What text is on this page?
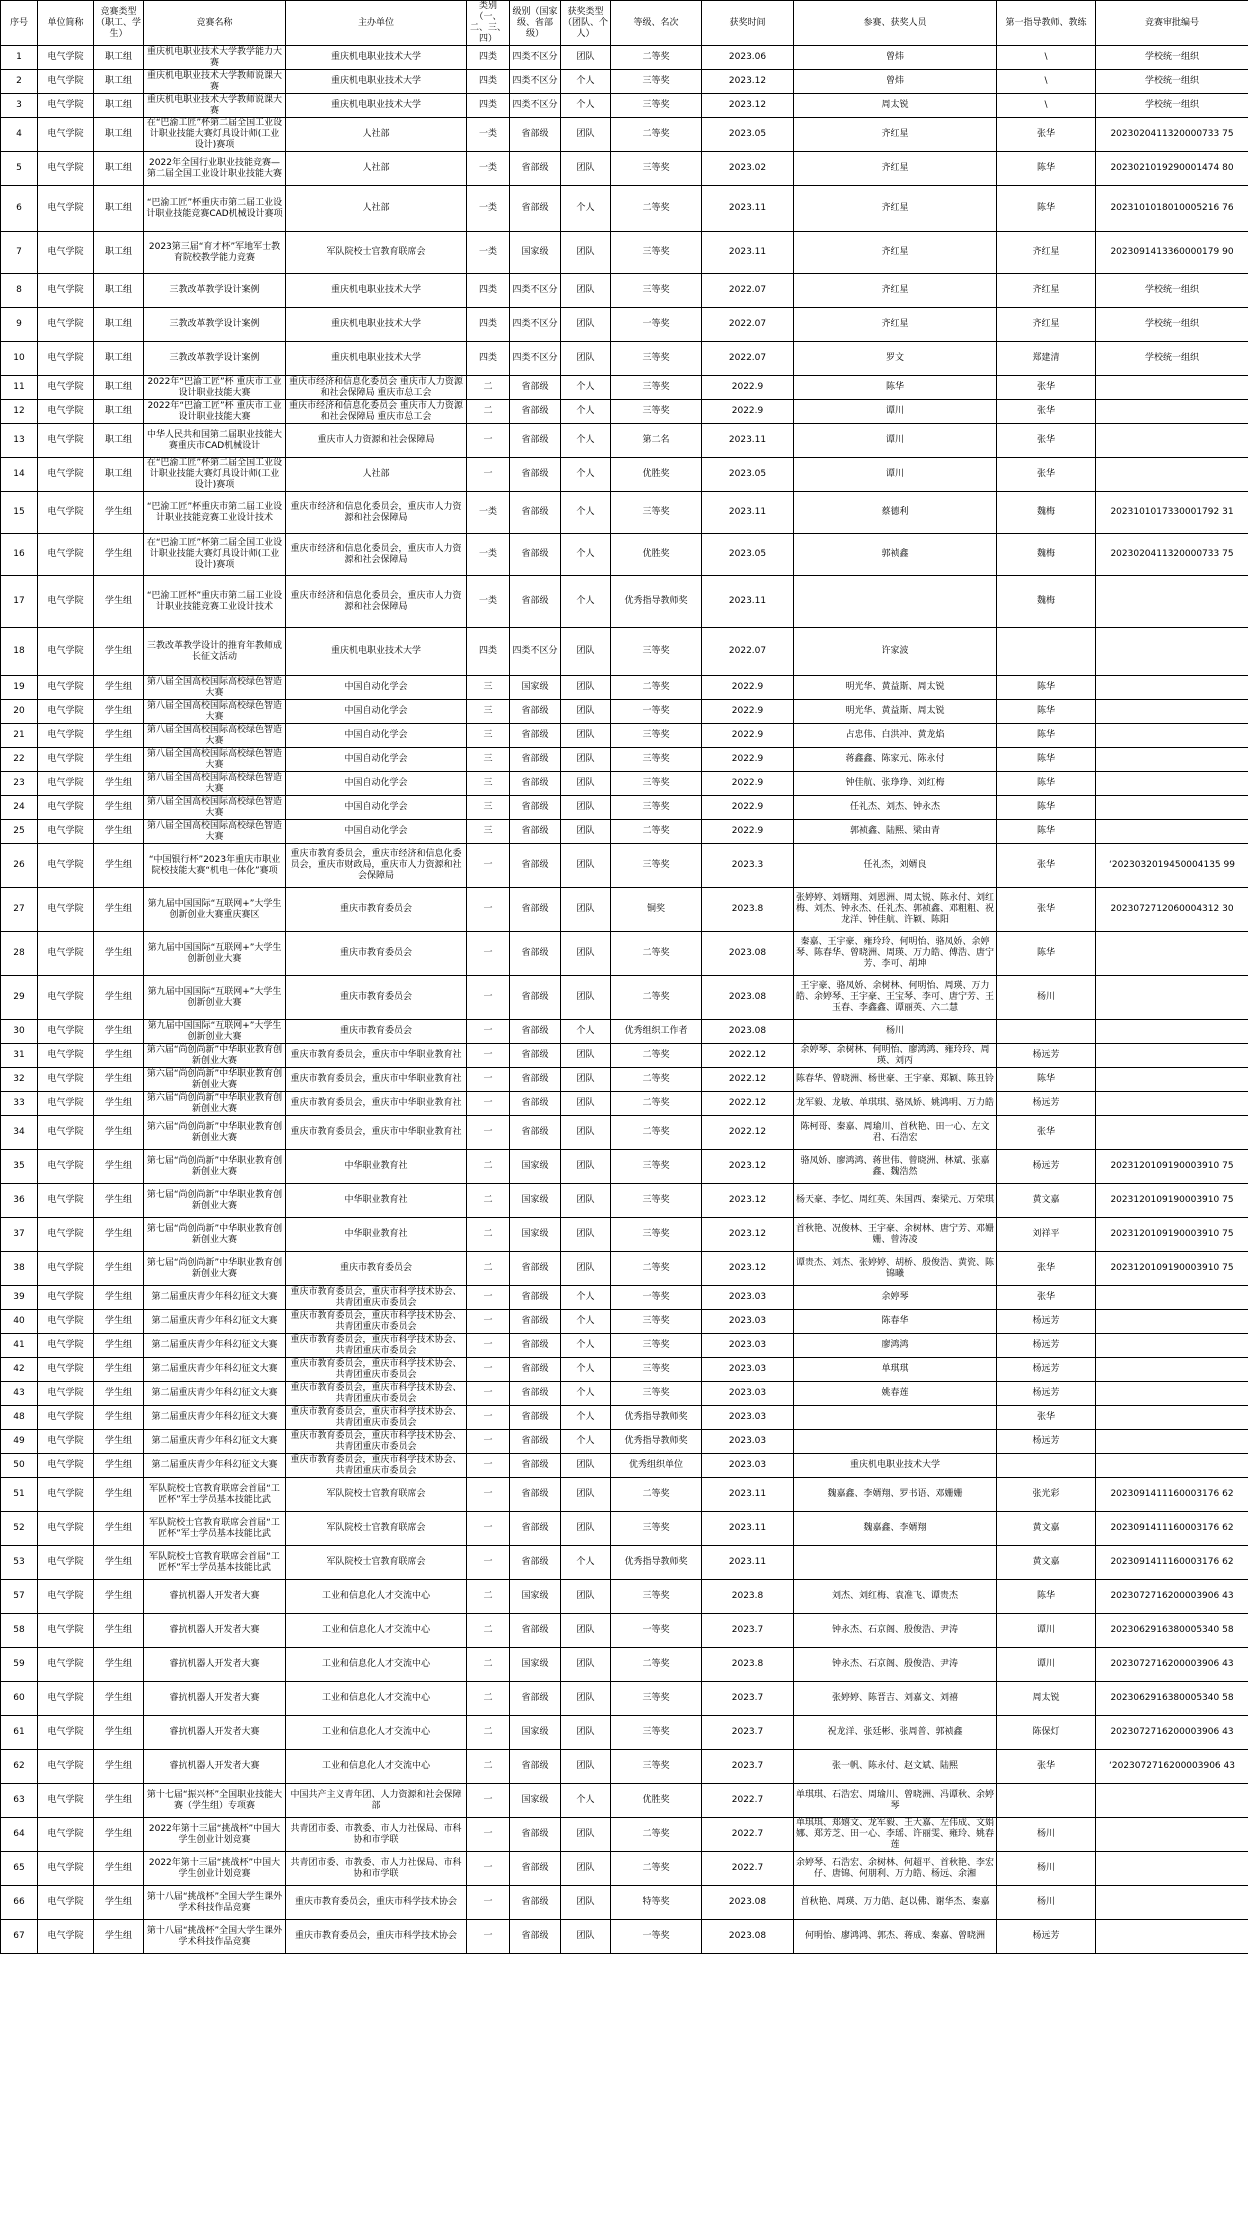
序号	单位简称	竞赛类型（职工、学生）	竞赛名称	主办单位	类别（一、二、三、四）	级别（国家级、省部级）	获奖类型（团队、个人）	等级、名次	获奖时间	参赛、获奖人员	第一指导教师、教练	竞赛审批编号
1	电气学院	职工组	重庆机电职业技术大学教学能力大赛	重庆机电职业技术大学	四类	四类不区分	团队	二等奖	2023.06	曾炜	\	学校统一组织
2	电气学院	职工组	重庆机电职业技术大学教师说课大赛	重庆机电职业技术大学	四类	四类不区分	个人	三等奖	2023.12	曾炜	\	学校统一组织
3	电气学院	职工组	重庆机电职业技术大学教师说课大赛	重庆机电职业技术大学	四类	四类不区分	个人	三等奖	2023.12	周太锐	\	学校统一组织
4	电气学院	职工组	在“巴渝工匠”杯第二届全国工业设计职业技能大赛灯具设计师(工业设计)赛项	人社部	一类	省部级	团队	二等奖	2023.05	齐红星	张华	2023020411320000733 75
5	电气学院	职工组	2022年全国行业职业技能竞赛—第二届全国工业设计职业技能大赛	人社部	一类	省部级	团队	三等奖	2023.02	齐红星	陈华	2023021019290001474 80
6	电气学院	职工组	“巴渝工匠”杯重庆市第二届工业设计职业技能竞赛CAD机械设计赛项	人社部	一类	省部级	个人	二等奖	2023.11	齐红星	陈华	2023101018010005216 76
7	电气学院	职工组	2023第三届“育才杯”军地军士教育院校教学能力竞赛	军队院校士官教育联席会	一类	国家级	团队	三等奖	2023.11	齐红星	齐红星	2023091413360000179 90
8	电气学院	职工组	三教改革教学设计案例	重庆机电职业技术大学	四类	四类不区分	团队	三等奖	2022.07	齐红星	齐红星	学校统一组织
9	电气学院	职工组	三教改革教学设计案例	重庆机电职业技术大学	四类	四类不区分	团队	一等奖	2022.07	齐红星	齐红星	学校统一组织
10	电气学院	职工组	三教改革教学设计案例	重庆机电职业技术大学	四类	四类不区分	团队	三等奖	2022.07	罗文	郑建清	学校统一组织
11	电气学院	职工组	2022年“巴渝工匠”杯 重庆市工业设计职业技能大赛	重庆市经济和信息化委员会 重庆市人力资源和社会保障局 重庆市总工会	二	省部级	个人	三等奖	2022.9	陈华	张华	
12	电气学院	职工组	2022年“巴渝工匠”杯 重庆市工业设计职业技能大赛	重庆市经济和信息化委员会 重庆市人力资源和社会保障局 重庆市总工会	二	省部级	个人	三等奖	2022.9	谭川	张华	
13	电气学院	职工组	中华人民共和国第二届职业技能大赛重庆市CAD机械设计	重庆市人力资源和社会保障局	一	省部级	个人	第二名	2023.11	谭川	张华	
14	电气学院	职工组	在“巴渝工匠”杯第二届全国工业设计职业技能大赛灯具设计师(工业设计)赛项	人社部	一	省部级	个人	优胜奖	2023.05	谭川	张华	
15	电气学院	学生组	“巴渝工匠”杯重庆市第二届工业设计职业技能竞赛工业设计技术	重庆市经济和信息化委员会，重庆市人力资源和社会保障局	一类	省部级	个人	三等奖	2023.11	蔡德利	魏梅	2023101017330001792 31
16	电气学院	学生组	在“巴渝工匠”杯第二届全国工业设计职业技能大赛灯具设计师(工业设计)赛项	重庆市经济和信息化委员会，重庆市人力资源和社会保障局	一类	省部级	个人	优胜奖	2023.05	郭祯鑫	魏梅	2023020411320000733 75
17	电气学院	学生组	“巴渝工匠杯”重庆市第二届工业设计职业技能竞赛工业设计技术	重庆市经济和信息化委员会，重庆市人力资源和社会保障局	一类	省部级	个人	优秀指导教师奖	2023.11		魏梅	
18	电气学院	学生组	三教改革教学设计的推育年教师成长征文活动	重庆机电职业技术大学	四类	四类不区分	团队	三等奖	2022.07	许家波		
19	电气学院	学生组	第八届全国高校国际高校绿色智造大赛	中国自动化学会	三	国家级	团队	二等奖	2022.9	明光华、黄益斯、周太锐	陈华	
20	电气学院	学生组	第八届全国高校国际高校绿色智造大赛	中国自动化学会	三	省部级	团队	一等奖	2022.9	明光华、黄益斯、周太锐	陈华	
21	电气学院	学生组	第八届全国高校国际高校绿色智造大赛	中国自动化学会	三	省部级	团队	三等奖	2022.9	占忠伟、白洪冲、黄龙焰	陈华	
22	电气学院	学生组	第八届全国高校国际高校绿色智造大赛	中国自动化学会	三	省部级	团队	三等奖	2022.9	蒋鑫鑫、陈家元、陈永付	陈华	
23	电气学院	学生组	第八届全国高校国际高校绿色智造大赛	中国自动化学会	三	省部级	团队	三等奖	2022.9	钟佳航、张琤琤、刘红梅	陈华	
24	电气学院	学生组	第八届全国高校国际高校绿色智造大赛	中国自动化学会	三	省部级	团队	三等奖	2022.9	任礼杰、刘杰、钟永杰	陈华	
25	电气学院	学生组	第八届全国高校国际高校绿色智造大赛	中国自动化学会	三	省部级	团队	二等奖	2022.9	郭祯鑫、陆熙、梁由青	陈华	
26	电气学院	学生组	“中国银行杯”2023年重庆市职业院校技能大赛“机电一体化”赛项	重庆市教育委员会，重庆市经济和信息化委员会，重庆市财政局，重庆市人力资源和社会保障局	一	省部级	团队	三等奖	2023.3	任礼杰，刘婿良	张华	‘2023032019450004135 99
27	电气学院	学生组	第九届中国国际“互联网+”大学生创新创业大赛重庆赛区	重庆市教育委员会	一	省部级	团队	铜奖	2023.8	张婷婷、刘婿翔、刘恩洲、周太锐、陈永付、刘红梅、刘杰、钟永杰、任礼杰、郭祯鑫、邓粗粗、祝龙洋、钟佳航、许颖、陈阳	张华	2023072712060004312 30
28	电气学院	学生组	第九届中国国际“互联网+”大学生创新创业大赛	重庆市教育委员会	一	省部级	团队	二等奖	2023.08	秦嘉、王宇豪、雍玲玲、何明怡、骆凤娇、余婷琴、陈春华、曾晓洲、周瑛、万力皓、傅浩、唐宁芳、李可、胡坤	陈华	
29	电气学院	学生组	第九届中国国际“互联网+”大学生创新创业大赛	重庆市教育委员会	一	省部级	团队	二等奖	2023.08	王宇豪、骆凤娇、余树林、何明怡、周瑛、万力皓、余婷琴、王宇豪、王宝琴、李可、唐宁芳、王玉春、李鑫鑫、谭丽英、六二慧	杨川	
30	电气学院	学生组	第九届中国国际“互联网+”大学生创新创业大赛	重庆市教育委员会	一	省部级	个人	优秀组织工作者	2023.08	杨川		
31	电气学院	学生组	第六届“尚创尚新”中华职业教育创新创业大赛	重庆市教育委员会，重庆市中华职业教育社	一	省部级	团队	二等奖	2022.12	余婷琴、余树林、何明怡、廖鸿鸿、雍玲玲、周瑛、刘丙	杨远芳	
32	电气学院	学生组	第六届“尚创尚新”中华职业教育创新创业大赛	重庆市教育委员会，重庆市中华职业教育社	一	省部级	团队	二等奖	2022.12	陈春华、曾晓洲、杨世豪、王宇豪、郑颖、陈丑铃	陈华	
33	电气学院	学生组	第六届“尚创尚新”中华职业教育创新创业大赛	重庆市教育委员会，重庆市中华职业教育社	一	省部级	团队	二等奖	2022.12	龙军毅、龙敏、单琪琪、骆凤娇、姚鸿明、万力皓	杨远芳	
34	电气学院	学生组	第六届“尚创尚新”中华职业教育创新创业大赛	重庆市教育委员会，重庆市中华职业教育社	一	省部级	团队	二等奖	2022.12	陈柯哥、秦嘉、周瑜川、首秋艳、田一心、左文君、石浩宏	张华	
35	电气学院	学生组	第七届“尚创尚新”中华职业教育创新创业大赛	中华职业教育社	二	国家级	团队	三等奖	2023.12	骆凤娇、廖鸿鸿、蒋世伟、曾晓洲、林斌、张嘉鑫、魏浩然	杨远芳	2023120109190003910 75
36	电气学院	学生组	第七届“尚创尚新”中华职业教育创新创业大赛	中华职业教育社	二	国家级	团队	三等奖	2023.12	杨天豪、李忆、周红英、朱国西、秦梁元、万荣琪	黄文嘉	2023120109190003910 75
37	电气学院	学生组	第七届“尚创尚新”中华职业教育创新创业大赛	中华职业教育社	二	国家级	团队	三等奖	2023.12	首秋艳、况俊林、王宇豪、余树林、唐宁芳、邓姗姗、曾涛凌	刘祥平	2023120109190003910 75
38	电气学院	学生组	第七届“尚创尚新”中华职业教育创新创业大赛	重庆市教育委员会	二	省部级	团队	二等奖	2023.12	谭贵杰、刘杰、张婷婷、胡桥、殷俊浩、黄瓷、陈锦曦	张华	2023120109190003910 75
39	电气学院	学生组	第二届重庆青少年科幻征文大赛	重庆市教育委员会，重庆市科学技术协会、共青团重庆市委员会	一	省部级	个人	一等奖	2023.03	余婷琴	张华	
40	电气学院	学生组	第二届重庆青少年科幻征文大赛	重庆市教育委员会，重庆市科学技术协会、共青团重庆市委员会	一	省部级	个人	三等奖	2023.03	陈春华	杨远芳	
41	电气学院	学生组	第二届重庆青少年科幻征文大赛	重庆市教育委员会，重庆市科学技术协会、共青团重庆市委员会	一	省部级	个人	三等奖	2023.03	廖鸿鸿	杨远芳	
42	电气学院	学生组	第二届重庆青少年科幻征文大赛	重庆市教育委员会，重庆市科学技术协会、共青团重庆市委员会	一	省部级	个人	三等奖	2023.03	单琪琪	杨远芳	
43	电气学院	学生组	第二届重庆青少年科幻征文大赛	重庆市教育委员会，重庆市科学技术协会、共青团重庆市委员会	一	省部级	个人	三等奖	2023.03	姚春莲	杨远芳	
48	电气学院	学生组	第二届重庆青少年科幻征文大赛	重庆市教育委员会，重庆市科学技术协会、共青团重庆市委员会	一	省部级	个人	优秀指导教师奖	2023.03		张华	
49	电气学院	学生组	第二届重庆青少年科幻征文大赛	重庆市教育委员会，重庆市科学技术协会、共青团重庆市委员会	一	省部级	个人	优秀指导教师奖	2023.03		杨远芳	
50	电气学院	学生组	第二届重庆青少年科幻征文大赛	重庆市教育委员会，重庆市科学技术协会、共青团重庆市委员会	一	省部级	团队	优秀组织单位	2023.03	重庆机电职业技术大学		
51	电气学院	学生组	军队院校士官教育联席会首届“工匠杯”军士学员基本技能比武	军队院校士官教育联席会	一	省部级	团队	二等奖	2023.11	魏嘉鑫、李婿翔、罗书语、邓姗姗	张光彩	2023091411160003176 62
52	电气学院	学生组	军队院校士官教育联席会首届“工匠杯”军士学员基本技能比武	军队院校士官教育联席会	一	省部级	团队	三等奖	2023.11	魏嘉鑫、李婿翔	黄文嘉	2023091411160003176 62
53	电气学院	学生组	军队院校士官教育联席会首届“工匠杯”军士学员基本技能比武	军队院校士官教育联席会	一	省部级	个人	优秀指导教师奖	2023.11		黄文嘉	2023091411160003176 62
57	电气学院	学生组	睿抗机器人开发者大赛	工业和信息化人才交流中心	二	国家级	团队	三等奖	2023.8	刘杰、刘红梅、袁准飞、谭贵杰	陈华	2023072716200003906 43
58	电气学院	学生组	睿抗机器人开发者大赛	工业和信息化人才交流中心	二	省部级	团队	一等奖	2023.7	钟永杰、石京阁、殷俊浩、尹涛	谭川	2023062916380005340 58
59	电气学院	学生组	睿抗机器人开发者大赛	工业和信息化人才交流中心	二	国家级	团队	二等奖	2023.8	钟永杰、石京阁、殷俊浩、尹涛	谭川	2023072716200003906 43
60	电气学院	学生组	睿抗机器人开发者大赛	工业和信息化人才交流中心	二	省部级	团队	三等奖	2023.7	张婷婷、陈晋吉、刘嘉文、刘禧	周太锐	2023062916380005340 58
61	电气学院	学生组	睿抗机器人开发者大赛	工业和信息化人才交流中心	二	国家级	团队	三等奖	2023.7	祝龙洋、张廷彬、张周普、郭祯鑫	陈保灯	2023072716200003906 43
62	电气学院	学生组	睿抗机器人开发者大赛	工业和信息化人才交流中心	二	省部级	团队	三等奖	2023.7	张一帆、陈永付、赵文斌、陆熙	张华	‘2023072716200003906 43
63	电气学院	学生组	第十七届“振兴杯”全国职业技能大赛（学生组）专项赛	中国共产主义青年团、人力资源和社会保障部	一	国家级	个人	优胜奖	2022.7	单琪琪、石浩宏、周瑜川、曾晓洲、冯谭秋、余婷琴		
64	电气学院	学生组	2022年第十三届“挑战杯”中国大学生创业计划竞赛	共青团市委、市教委、市人力社保局、市科协和市学联	一	省部级	团队	二等奖	2022.7	单琪琪、郑嬉文、龙军毅、王大嘉、左伟成、文娟娜、郑芳芝、田一心、李瑶、许丽雯、雍玲、姚春莲	杨川	
65	电气学院	学生组	2022年第十三届“挑战杯”中国大学生创业计划竞赛	共青团市委、市教委、市人力社保局、市科协和市学联	一	省部级	团队	二等奖	2022.7	余婷琴、石浩宏、余树林、何超平、首秋艳、李宏仔、唐锦、何朋利、万力皓、杨远、余湘	杨川	
66	电气学院	学生组	第十八届“挑战杯”全国大学生课外学术科技作品竞赛	重庆市教育委员会，重庆市科学技术协会	一	省部级	团队	特等奖	2023.08	首秋艳、周瑛、万力皓、赵以佛、谢华杰、秦嘉	杨川	
67	电气学院	学生组	第十八届“挑战杯”全国大学生课外学术科技作品竞赛	重庆市教育委员会，重庆市科学技术协会	一	省部级	团队	一等奖	2023.08	何明怡、廖鸿鸿、郭杰、蒋成、秦嘉、曾晓洲	杨远芳	
